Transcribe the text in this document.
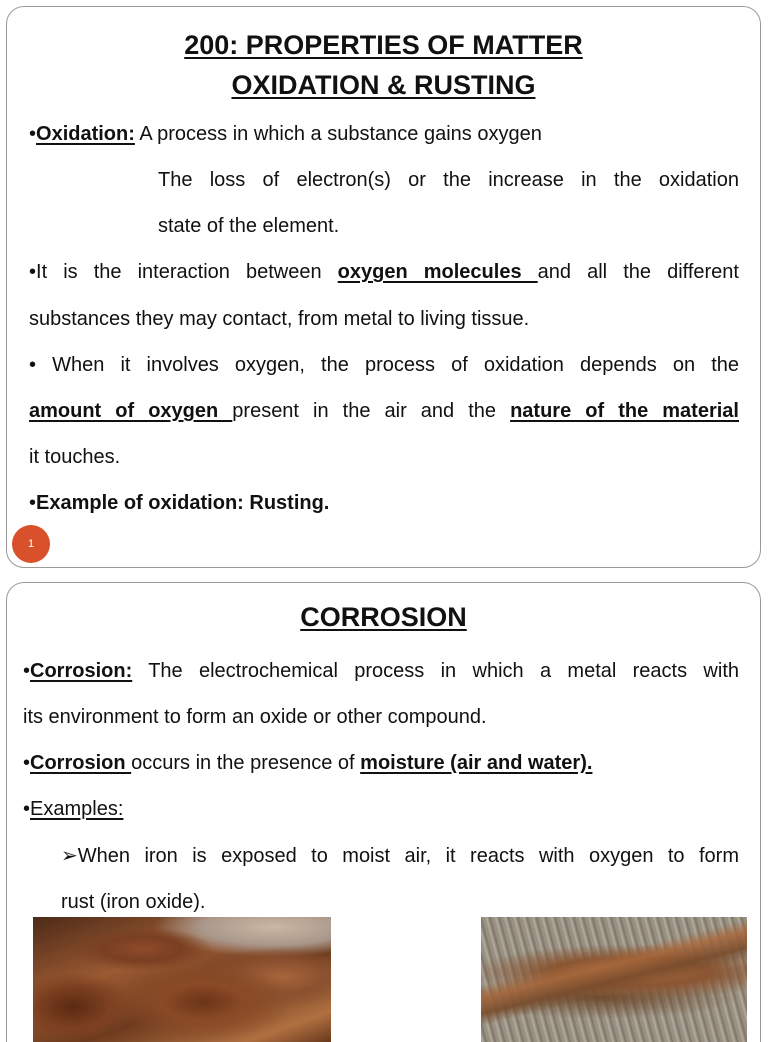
200: PROPERTIES OF MATTER
OXIDATION & RUSTING
•Oxidation: A process in which a substance gains oxygen
The loss of electron(s) or the increase in the oxidation
state of the element.
•It is the interaction between oxygen molecules and all the different
substances they may contact, from metal to living tissue.
• When it involves oxygen, the process of oxidation depends on the
amount of oxygen present in the air and the nature of the material
it touches.
•Example of oxidation: Rusting.
1
CORROSION
•Corrosion: The electrochemical process in which a metal reacts with
its environment to form an oxide or other compound.
•Corrosion occurs in the presence of moisture (air and water).
•Examples:
➢When iron is exposed to moist air, it reacts with oxygen to form
rust (iron oxide).
